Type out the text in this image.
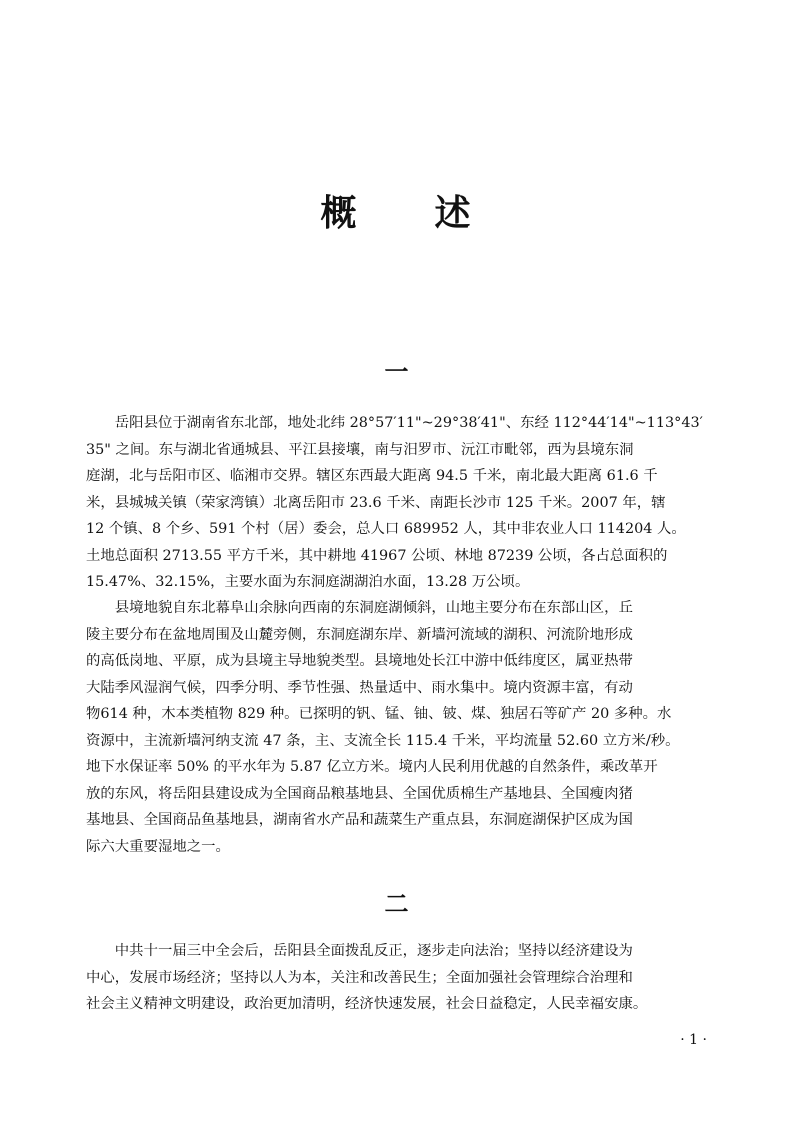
概　　述
一

　　岳阳县位于湖南省东北部，地处北纬 28°57′11"~29°38′41"、东经 112°44′14"~113°43′
35" 之间。东与湖北省通城县、平江县接壤，南与汨罗市、沅江市毗邻，西为县境东洞
庭湖，北与岳阳市区、临湘市交界。辖区东西最大距离 94.5 千米，南北最大距离 61.6 千
米，县城城关镇（荣家湾镇）北离岳阳市 23.6 千米、南距长沙市 125 千米。2007 年，辖
12 个镇、8 个乡、591 个村（居）委会，总人口 689952 人，其中非农业人口 114204 人。
土地总面积 2713.55 平方千米，其中耕地 41967 公顷、林地 87239 公顷，各占总面积的
15.47%、32.15%，主要水面为东洞庭湖湖泊水面，13.28 万公顷。

　　县境地貌自东北幕阜山余脉向西南的东洞庭湖倾斜，山地主要分布在东部山区，丘
陵主要分布在盆地周围及山麓旁侧，东洞庭湖东岸、新墙河流域的湖积、河流阶地形成
的高低岗地、平原，成为县境主导地貌类型。县境地处长江中游中低纬度区，属亚热带
大陆季风湿润气候，四季分明、季节性强、热量适中、雨水集中。境内资源丰富，有动
物614 种，木本类植物 829 种。已探明的钒、锰、铀、铍、煤、独居石等矿产 20 多种。水
资源中，主流新墙河纳支流 47 条，主、支流全长 115.4 千米，平均流量 52.60 立方米/秒。
地下水保证率 50% 的平水年为 5.87 亿立方米。境内人民利用优越的自然条件，乘改革开
放的东风，将岳阳县建设成为全国商品粮基地县、全国优质棉生产基地县、全国瘦肉猪
基地县、全国商品鱼基地县，湖南省水产品和蔬菜生产重点县，东洞庭湖保护区成为国
际六大重要湿地之一。

二

　　中共十一届三中全会后，岳阳县全面拨乱反正，逐步走向法治；坚持以经济建设为
中心，发展市场经济；坚持以人为本，关注和改善民生；全面加强社会管理综合治理和
社会主义精神文明建设，政治更加清明，经济快速发展，社会日益稳定，人民幸福安康。

· 1 ·
